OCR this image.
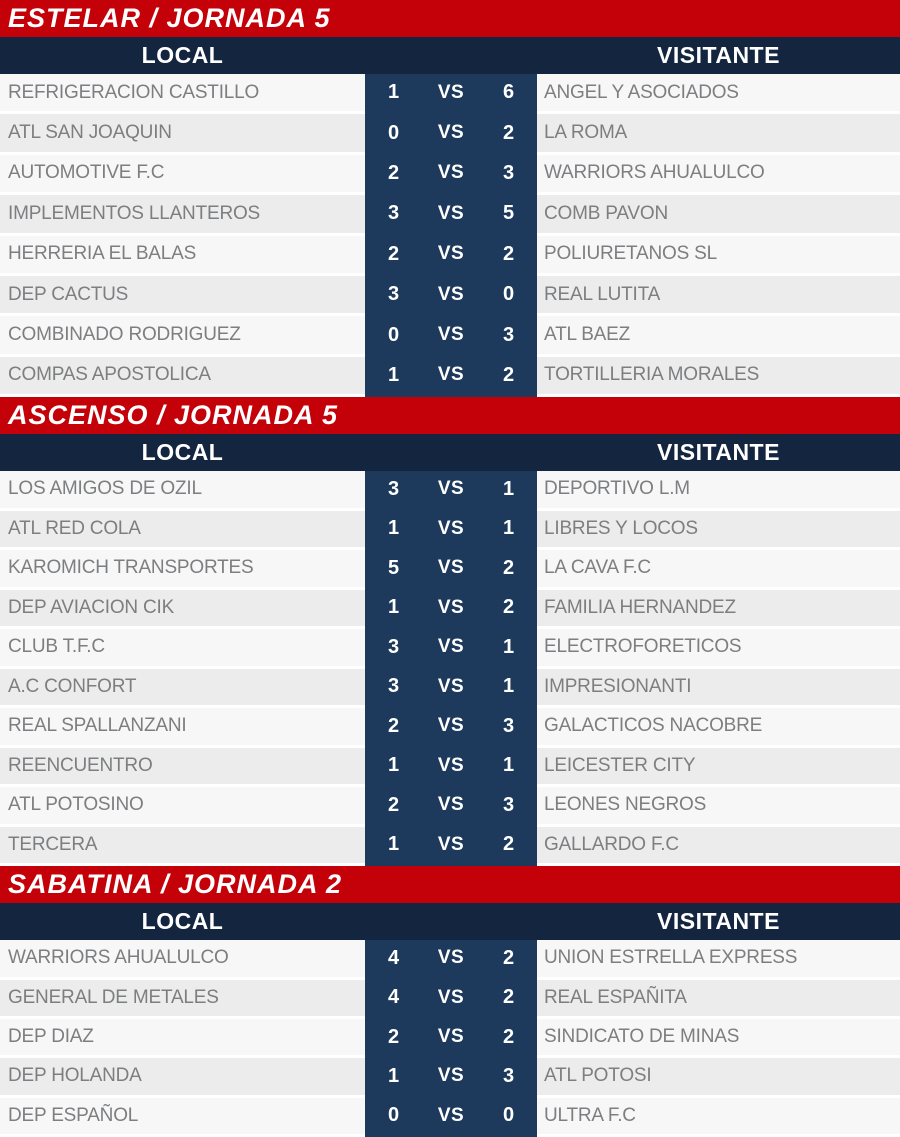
ESTELAR / JORNADA 5
LOCAL	VISITANTE
REFRIGERACION CASTILLO	1	VS	6	ANGEL Y ASOCIADOS
ATL SAN JOAQUIN	0	VS	2	LA ROMA
AUTOMOTIVE F.C	2	VS	3	WARRIORS AHUALULCO
IMPLEMENTOS LLANTEROS	3	VS	5	COMB PAVON
HERRERIA EL BALAS	2	VS	2	POLIURETANOS SL
DEP CACTUS	3	VS	0	REAL LUTITA
COMBINADO RODRIGUEZ	0	VS	3	ATL BAEZ
COMPAS APOSTOLICA	1	VS	2	TORTILLERIA MORALES
ASCENSO / JORNADA 5
LOCAL	VISITANTE
LOS AMIGOS DE OZIL	3	VS	1	DEPORTIVO L.M
ATL RED COLA	1	VS	1	LIBRES Y LOCOS
KAROMICH TRANSPORTES	5	VS	2	LA CAVA F.C
DEP AVIACION CIK	1	VS	2	FAMILIA HERNANDEZ
CLUB T.F.C	3	VS	1	ELECTROFORETICOS
A.C CONFORT	3	VS	1	IMPRESIONANTI
REAL SPALLANZANI	2	VS	3	GALACTICOS NACOBRE
REENCUENTRO	1	VS	1	LEICESTER CITY
ATL POTOSINO	2	VS	3	LEONES NEGROS
TERCERA	1	VS	2	GALLARDO F.C
SABATINA / JORNADA 2
LOCAL	VISITANTE
WARRIORS AHUALULCO	4	VS	2	UNION ESTRELLA EXPRESS
GENERAL DE METALES	4	VS	2	REAL ESPAÑITA
DEP DIAZ	2	VS	2	SINDICATO DE MINAS
DEP HOLANDA	1	VS	3	ATL POTOSI
DEP ESPAÑOL	0	VS	0	ULTRA F.C
